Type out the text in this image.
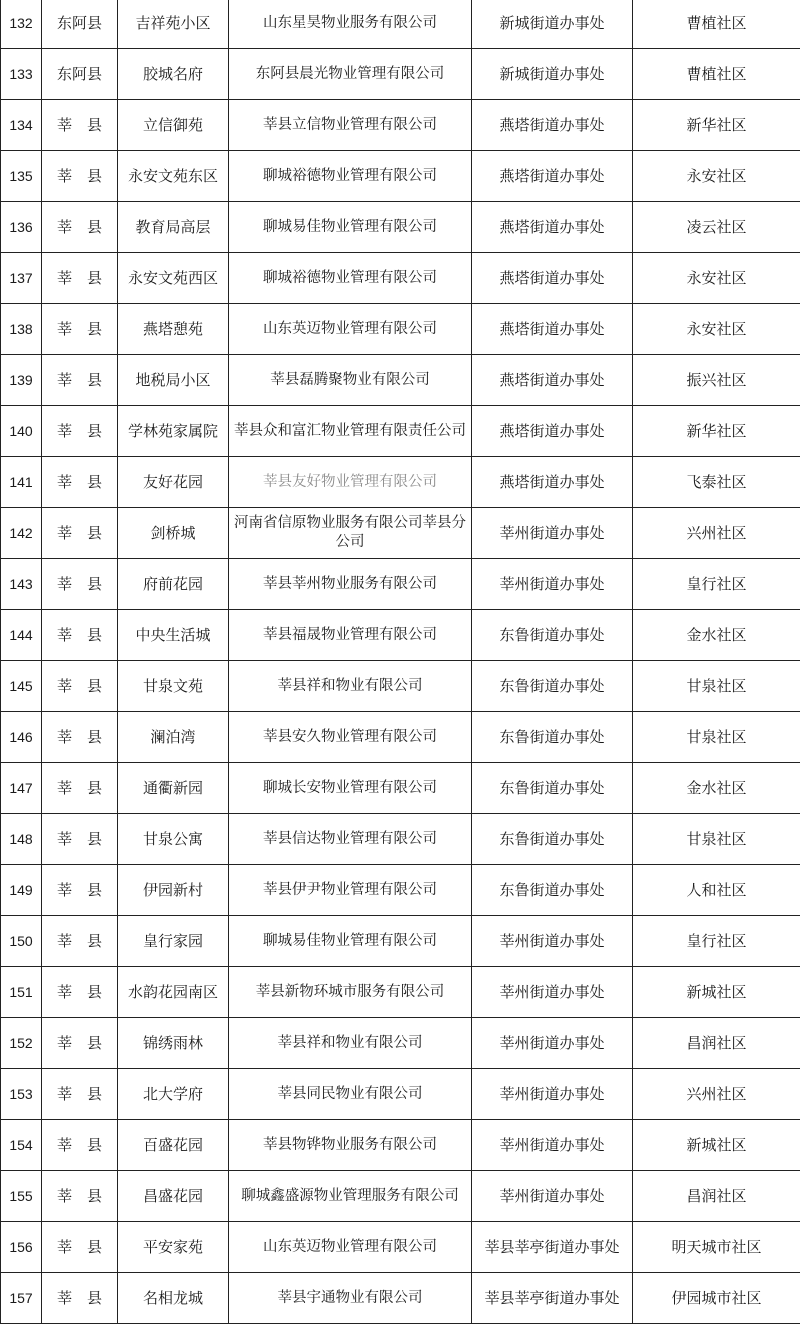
132	东阿县	吉祥苑小区	山东星昊物业服务有限公司	新城街道办事处	曹植社区
133	东阿县	胶城名府	东阿县晨光物业管理有限公司	新城街道办事处	曹植社区
134	莘　县	立信御苑	莘县立信物业管理有限公司	燕塔街道办事处	新华社区
135	莘　县	永安文苑东区	聊城裕德物业管理有限公司	燕塔街道办事处	永安社区
136	莘　县	教育局高层	聊城易佳物业管理有限公司	燕塔街道办事处	凌云社区
137	莘　县	永安文苑西区	聊城裕德物业管理有限公司	燕塔街道办事处	永安社区
138	莘　县	燕塔憩苑	山东英迈物业管理有限公司	燕塔街道办事处	永安社区
139	莘　县	地税局小区	莘县磊腾聚物业有限公司	燕塔街道办事处	振兴社区
140	莘　县	学林苑家属院	莘县众和富汇物业管理有限责任公司	燕塔街道办事处	新华社区
141	莘　县	友好花园	莘县友好物业管理有限公司	燕塔街道办事处	飞泰社区
142	莘　县	剑桥城	河南省信原物业服务有限公司莘县分公司	莘州街道办事处	兴州社区
143	莘　县	府前花园	莘县莘州物业服务有限公司	莘州街道办事处	皇行社区
144	莘　县	中央生活城	莘县福晟物业管理有限公司	东鲁街道办事处	金水社区
145	莘　县	甘泉文苑	莘县祥和物业有限公司	东鲁街道办事处	甘泉社区
146	莘　县	澜泊湾	莘县安久物业管理有限公司	东鲁街道办事处	甘泉社区
147	莘　县	通衢新园	聊城长安物业管理有限公司	东鲁街道办事处	金水社区
148	莘　县	甘泉公寓	莘县信达物业管理有限公司	东鲁街道办事处	甘泉社区
149	莘　县	伊园新村	莘县伊尹物业管理有限公司	东鲁街道办事处	人和社区
150	莘　县	皇行家园	聊城易佳物业管理有限公司	莘州街道办事处	皇行社区
151	莘　县	水韵花园南区	莘县新物环城市服务有限公司	莘州街道办事处	新城社区
152	莘　县	锦绣雨林	莘县祥和物业有限公司	莘州街道办事处	昌润社区
153	莘　县	北大学府	莘县同民物业有限公司	莘州街道办事处	兴州社区
154	莘　县	百盛花园	莘县物铧物业服务有限公司	莘州街道办事处	新城社区
155	莘　县	昌盛花园	聊城鑫盛源物业管理服务有限公司	莘州街道办事处	昌润社区
156	莘　县	平安家苑	山东英迈物业管理有限公司	莘县莘亭街道办事处	明天城市社区
157	莘　县	名相龙城	莘县宇通物业有限公司	莘县莘亭街道办事处	伊园城市社区
